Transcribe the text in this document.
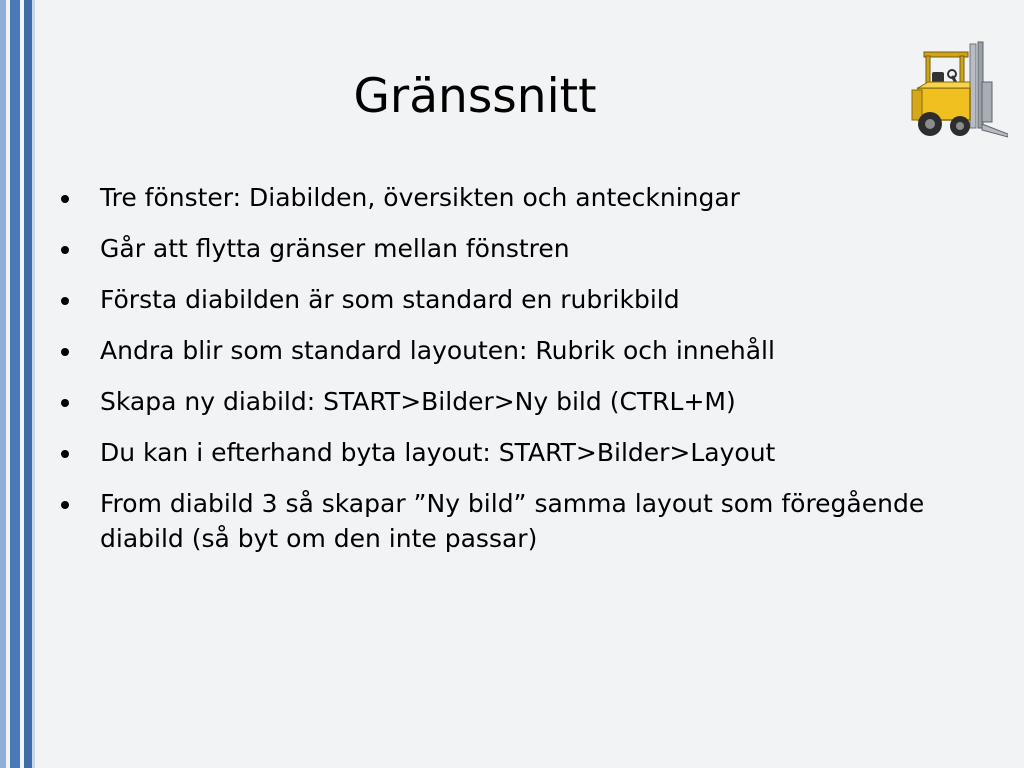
Gränssnitt
Tre fönster: Diabilden, översikten och anteckningar
Går att flytta gränser mellan fönstren
Första diabilden är som standard en rubrikbild
Andra blir som standard layouten: Rubrik och innehåll
Skapa ny diabild: START>Bilder>Ny bild (CTRL+M)
Du kan i efterhand byta layout: START>Bilder>Layout
From diabild 3 så skapar ”Ny bild” samma layout som föregående diabild (så byt om den inte passar)
